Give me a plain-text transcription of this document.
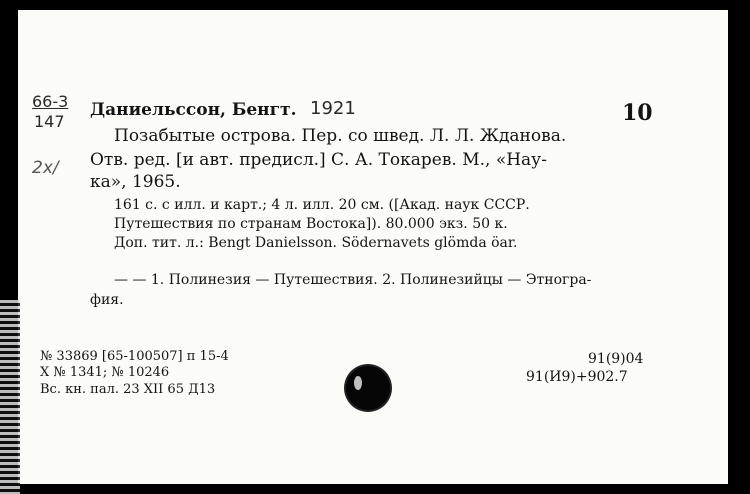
66-3
147
2x/
Даниельссон, Бенгт. 1921	10
Позабытые острова. Пер. со швед. Л. Л. Жданова.
Отв. ред. [и авт. предисл.] С. А. Токарев. М., «Нау-
ка», 1965.
161 с. с илл. и карт.; 4 л. илл. 20 см. ([Акад. наук СССР.
Путешествия по странам Востока]). 80.000 экз. 50 к.
Доп. тит. л.: Bengt Danielsson. Södernavets glömda öar.
— — 1. Полинезия — Путешествия. 2. Полинезийцы — Этногра-
фия.
№ 33869 [65-100507] п 15-4
Х № 1341; № 10246
Вс. кн. пал. 23 XII 65 Д13
91(9)04
91(И9)+902.7
